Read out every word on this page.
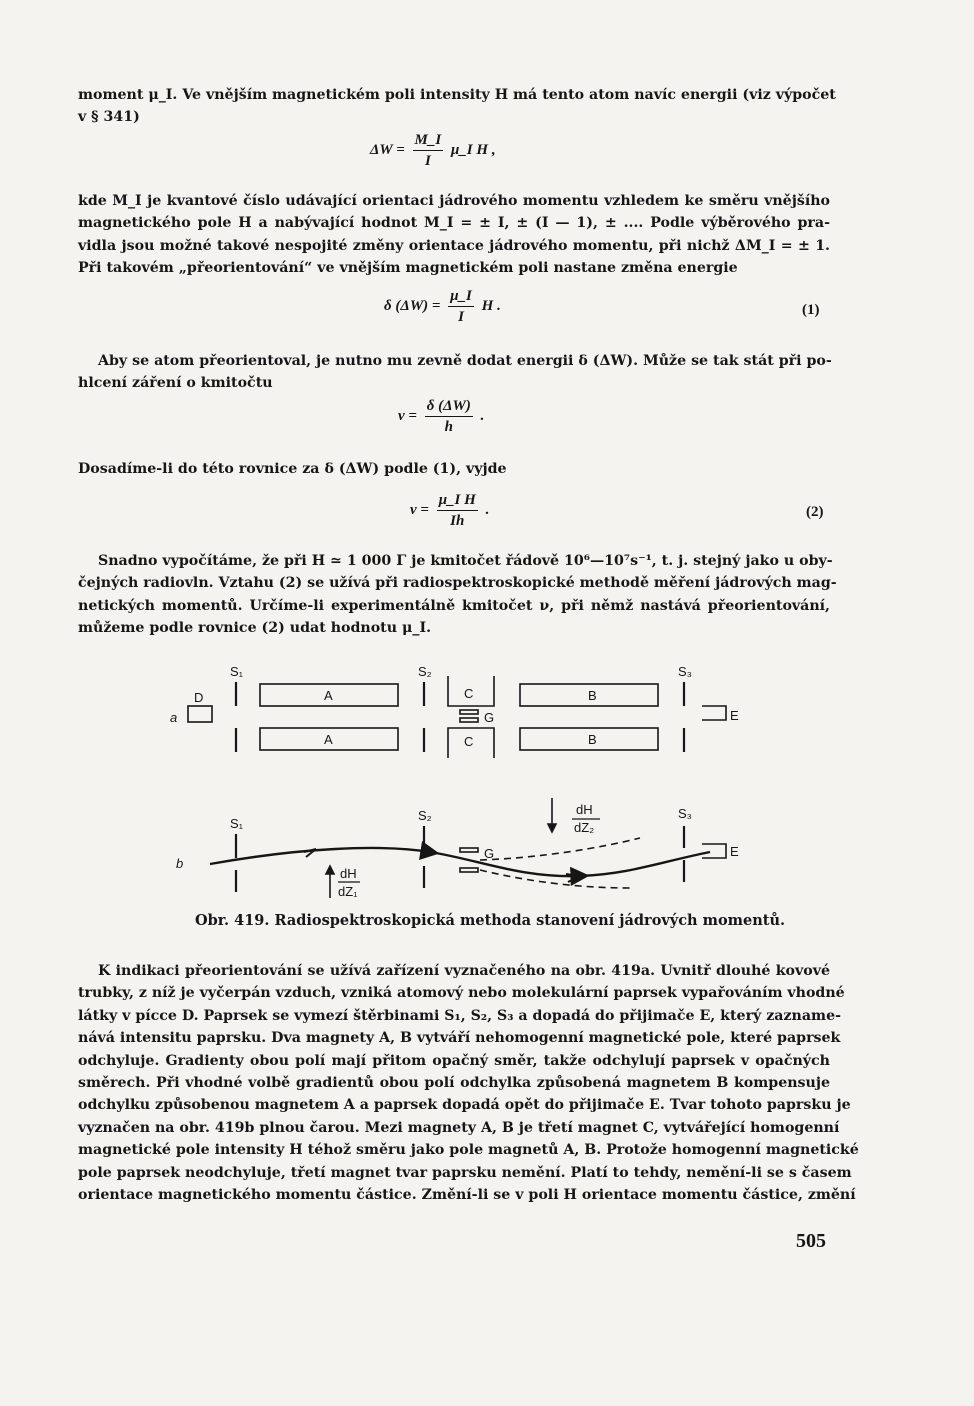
moment μ_I. Ve vnějším magnetickém poli intensity H má tento atom navíc energii (viz výpočet
v § 341)
$\Delta W = \frac{M\_I}{I}$ μ_I H ,
kde M_I je kvantové číslo udávající orientaci jádrového momentu vzhledem ke směru vnějšího
magnetického pole H a nabývající hodnot M_I = ± I, ± (I — 1), ± .... Podle výběrového pra-
vidla jsou možné takové nespojité změny orientace jádrového momentu, při nichž ΔM_I = ± 1.
Při takovém „přeorientování“ ve vnějším magnetickém poli nastane změna energie
δ $(\Delta W) = \frac{\mu\_I}{I}$ H .	(1)
Aby se atom přeorientoval, je nutno mu zevně dodat energii δ (ΔW). Může se tak stát při po-
hlcení záření o kmitočtu
$\nu = \frac{\delta (\Delta W)}{h}$ .
Dosadíme-li do této rovnice za δ (ΔW) podle (1), vyjde
$\nu = \frac{\text{μ\_I H}}{Ih}$ .	(2)
Snadno vypočítáme, že při H ≃ 1 000 Γ je kmitočet řádově 10⁶—10⁷s⁻¹, t. j. stejný jako u oby-
čejných radiovln. Vztahu (2) se užívá při radiospektroskopické methodě měření jádrových mag-
netických momentů. Určíme-li experimentálně kmitočet ν, při němž nastává přeorientování,
můžeme podle rovnice (2) udat hodnotu μ_I.
a
D
S₁	S₂	S₃
A
A
C
C
B
B
G	E
b
S₁
S₂	S₃
dH
dZ₁
dH
dZ₂
G	E
Obr. 419. Radiospektroskopická methoda stanovení jádrových momentů.
K indikaci přeorientování se užívá zařízení vyznačeného na obr. 419a. Uvnitř dlouhé kovové
trubky, z níž je vyčerpán vzduch, vzniká atomový nebo molekulární paprsek vypařováním vhodné
látky v pícce D. Paprsek se vymezí štěrbinami S₁, S₂, S₃ a dopadá do přijimače E, který zazname-
nává intensitu paprsku. Dva magnety A, B vytváří nehomogenní magnetické pole, které paprsek
odchyluje. Gradienty obou polí mají přitom opačný směr, takže odchylují paprsek v opačných
směrech. Při vhodné volbě gradientů obou polí odchylka způsobená magnetem B kompensuje
odchylku způsobenou magnetem A a paprsek dopadá opět do přijimače E. Tvar tohoto paprsku je
vyznačen na obr. 419b plnou čarou. Mezi magnety A, B je třetí magnet C, vytvářející homogenní
magnetické pole intensity H téhož směru jako pole magnetů A, B. Protože homogenní magnetické
pole paprsek neodchyluje, třetí magnet tvar paprsku nemění. Platí to tehdy, nemění-li se s časem
orientace magnetického momentu částice. Změní-li se v poli H orientace momentu částice, změní
505
